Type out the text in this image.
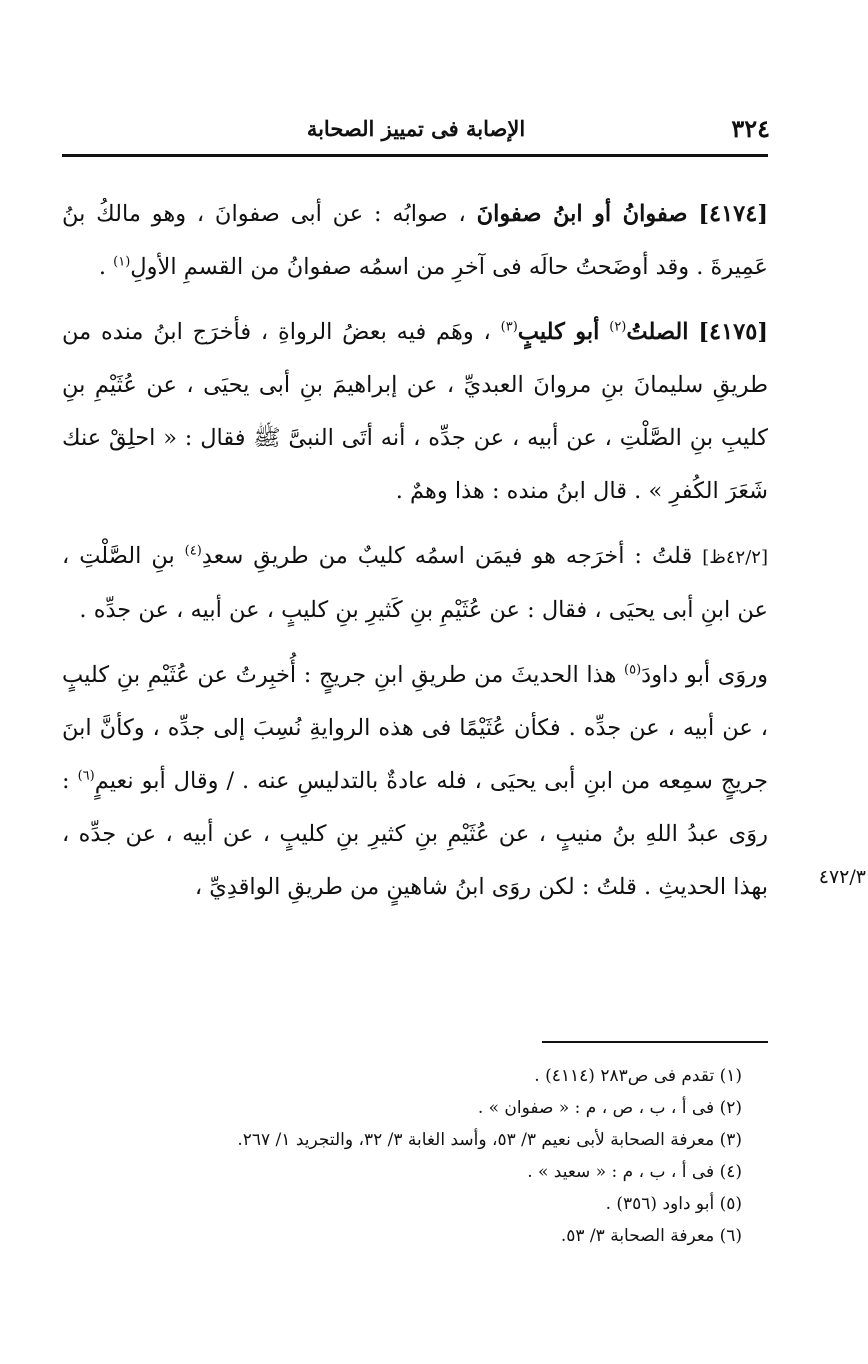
٣٢٤
الإصابة فى تمييز الصحابة

[٤١٧٤] صفوانُ أو ابنُ صفوانَ ، صوابُه : عن أبى صفوانَ ، وهو مالكُ بنُ عَمِيرةَ . وقد أوضَحتُ حالَه فى آخرِ من اسمُه صفوانُ من القسمِ الأولِ$^{(١)}$ .

[٤١٧٥] الصلتُ$^{(٢)}$ أبو كليبٍ$^{(٣)}$ ، وهَم فيه بعضُ الرواةِ ، فأخرَج ابنُ منده من طريقِ سليمانَ بنِ مروانَ العبديِّ ، عن إبراهيمَ بنِ أبى يحيَى ، عن عُثَيْمِ بنِ كليبِ بنِ الصَّلْتِ ، عن أبيه ، عن جدِّه ، أنه أتَى النبىَّ ﷺ فقال : « احلِقْ عنك شَعَرَ الكُفرِ » . قال ابنُ منده : هذا وهمٌ .

[٤٢/٢ظ] قلتُ : أخرَجه هو فيمَن اسمُه كليبٌ من طريقِ سعدِ$^{(٤)}$ بنِ الصَّلْتِ ، عن ابنِ أبى يحيَى ، فقال : عن عُثَيْمِ بنِ كَثيرِ بنِ كليبٍ ، عن أبيه ، عن جدِّه .

وروَى أبو داودَ$^{(٥)}$ هذا الحديثَ من طريقِ ابنِ جريجٍ : أُخبِرتُ عن عُثَيْمِ بنِ كليبٍ ، عن أبيه ، عن جدِّه . فكأن عُثَيْمًا فى هذه الروايةِ نُسِبَ إلى جدِّه ، وكأنَّ ابنَ جريجٍ سمِعه من ابنِ أبى يحيَى ، فله عادةٌ بالتدليسِ عنه . / وقال أبو نعيمٍ$^{(٦)}$ : روَى عبدُ اللهِ بنُ منيبٍ ، عن عُثَيْمِ بنِ كثيرِ بنِ كليبٍ ، عن أبيه ، عن جدِّه ، بهذا الحديثِ . قلتُ : لكن روَى ابنُ شاهينٍ من طريقِ الواقدِيِّ ،	٤٧٢/٣
(١) تقدم فى ص٢٨٣ (٤١١٤) .
(٢) فى أ ، ب ، ص ، م : « صفوان » .
(٣) معرفة الصحابة لأبى نعيم ٣/ ٥٣، وأسد الغابة ٣/ ٣٢، والتجريد ١/ ٢٦٧.
(٤) فى أ ، ب ، م : « سعيد » .
(٥) أبو داود (٣٥٦) .
(٦) معرفة الصحابة ٣/ ٥٣.
